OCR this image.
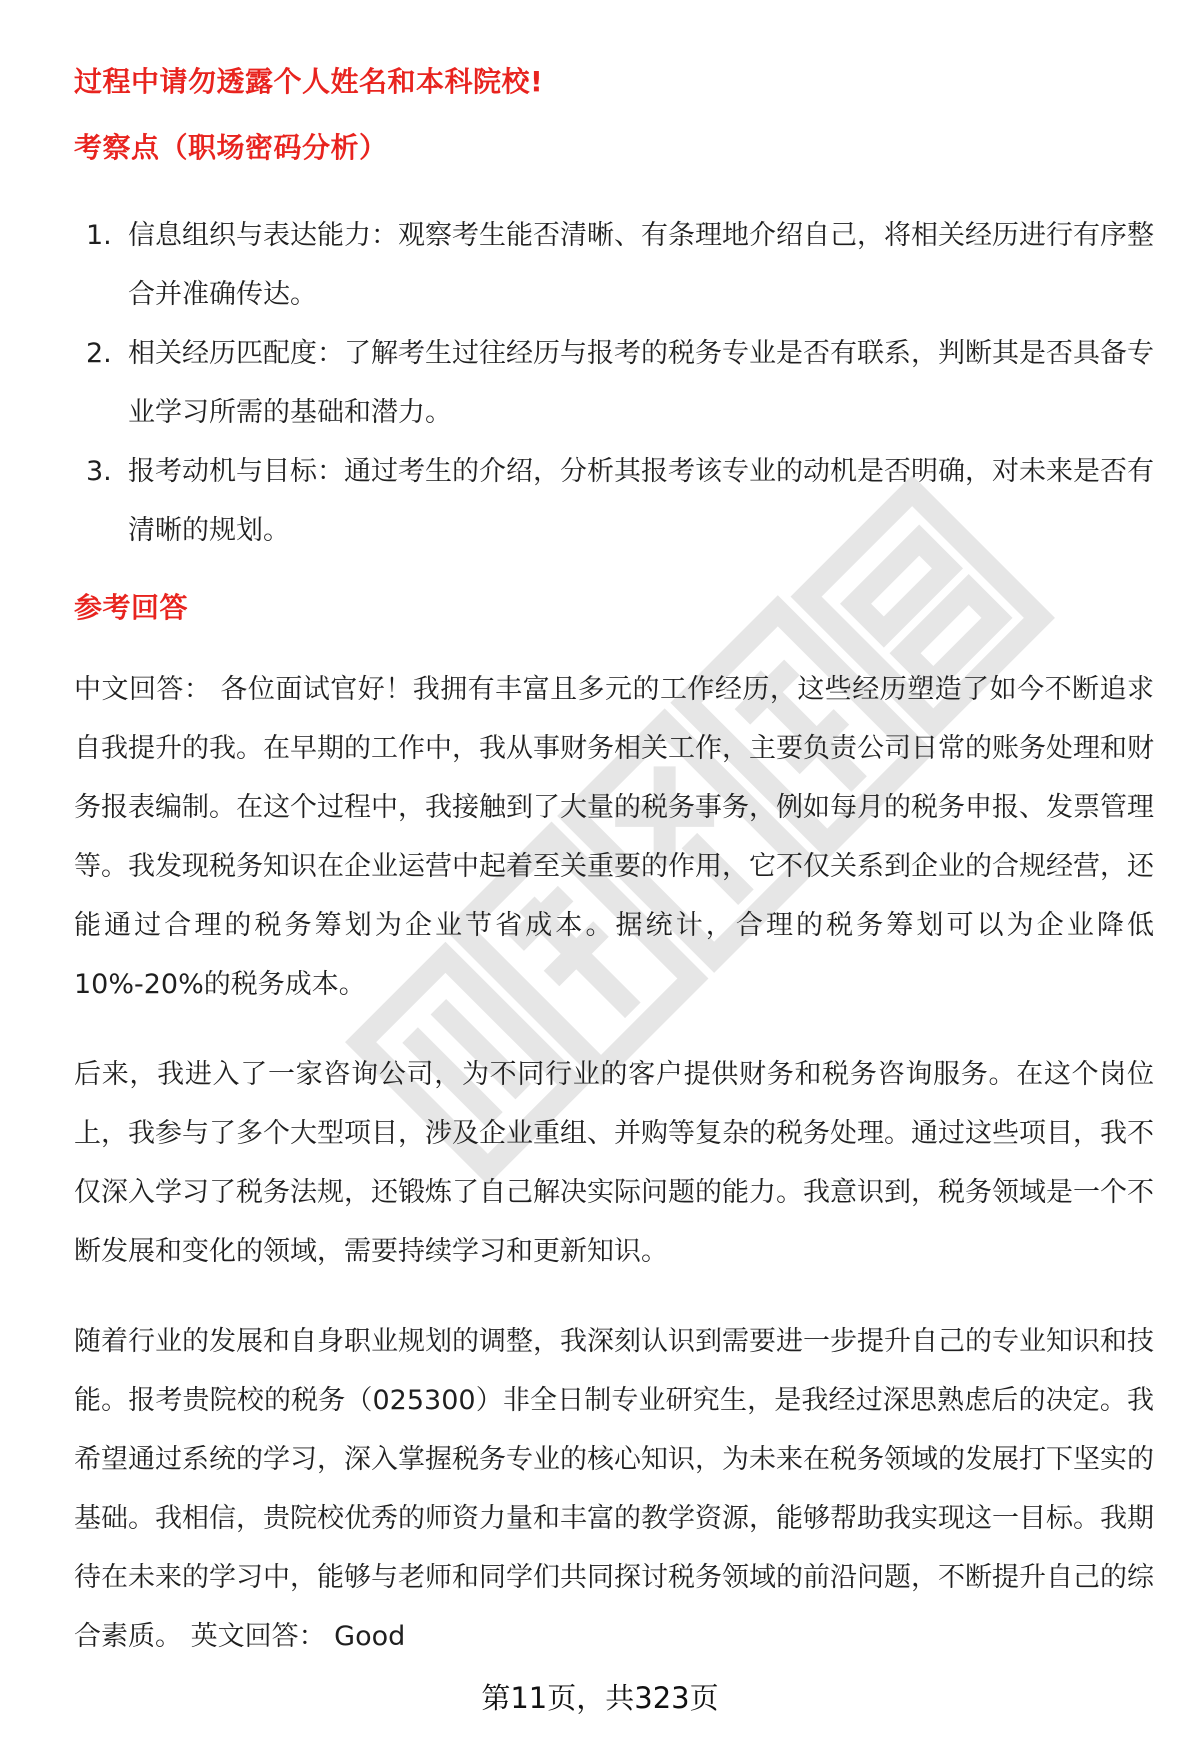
过程中请勿透露个人姓名和本科院校!
考察点（职场密码分析）
1. 信息组织与表达能力：观察考生能否清晰、有条理地介绍自己，将相关经历进行有序整合并准确传达。
2. 相关经历匹配度：了解考生过往经历与报考的税务专业是否有联系，判断其是否具备专业学习所需的基础和潜力。
3. 报考动机与目标：通过考生的介绍，分析其报考该专业的动机是否明确，对未来是否有清晰的规划。
参考回答

中文回答： 各位面试官好！我拥有丰富且多元的工作经历，这些经历塑造了如今不断追求自我提升的我。在早期的工作中，我从事财务相关工作，主要负责公司日常的账务处理和财务报表编制。在这个过程中，我接触到了大量的税务事务，例如每月的税务申报、发票管理等。我发现税务知识在企业运营中起着至关重要的作用，它不仅关系到企业的合规经营，还能通过合理的税务筹划为企业节省成本。据统计，合理的税务筹划可以为企业降低 10%-20%的税务成本。

后来，我进入了一家咨询公司，为不同行业的客户提供财务和税务咨询服务。在这个岗位上，我参与了多个大型项目，涉及企业重组、并购等复杂的税务处理。通过这些项目，我不仅深入学习了税务法规，还锻炼了自己解决实际问题的能力。我意识到，税务领域是一个不断发展和变化的领域，需要持续学习和更新知识。

随着行业的发展和自身职业规划的调整，我深刻认识到需要进一步提升自己的专业知识和技能。报考贵院校的税务（025300）非全日制专业研究生，是我经过深思熟虑后的决定。我希望通过系统的学习，深入掌握税务专业的核心知识，为未来在税务领域的发展打下坚实的基础。我相信，贵院校优秀的师资力量和丰富的教学资源，能够帮助我实现这一目标。我期待在未来的学习中，能够与老师和同学们共同探讨税务领域的前沿问题，不断提升自己的综合素质。 英文回答： Good

第11页，共323页
